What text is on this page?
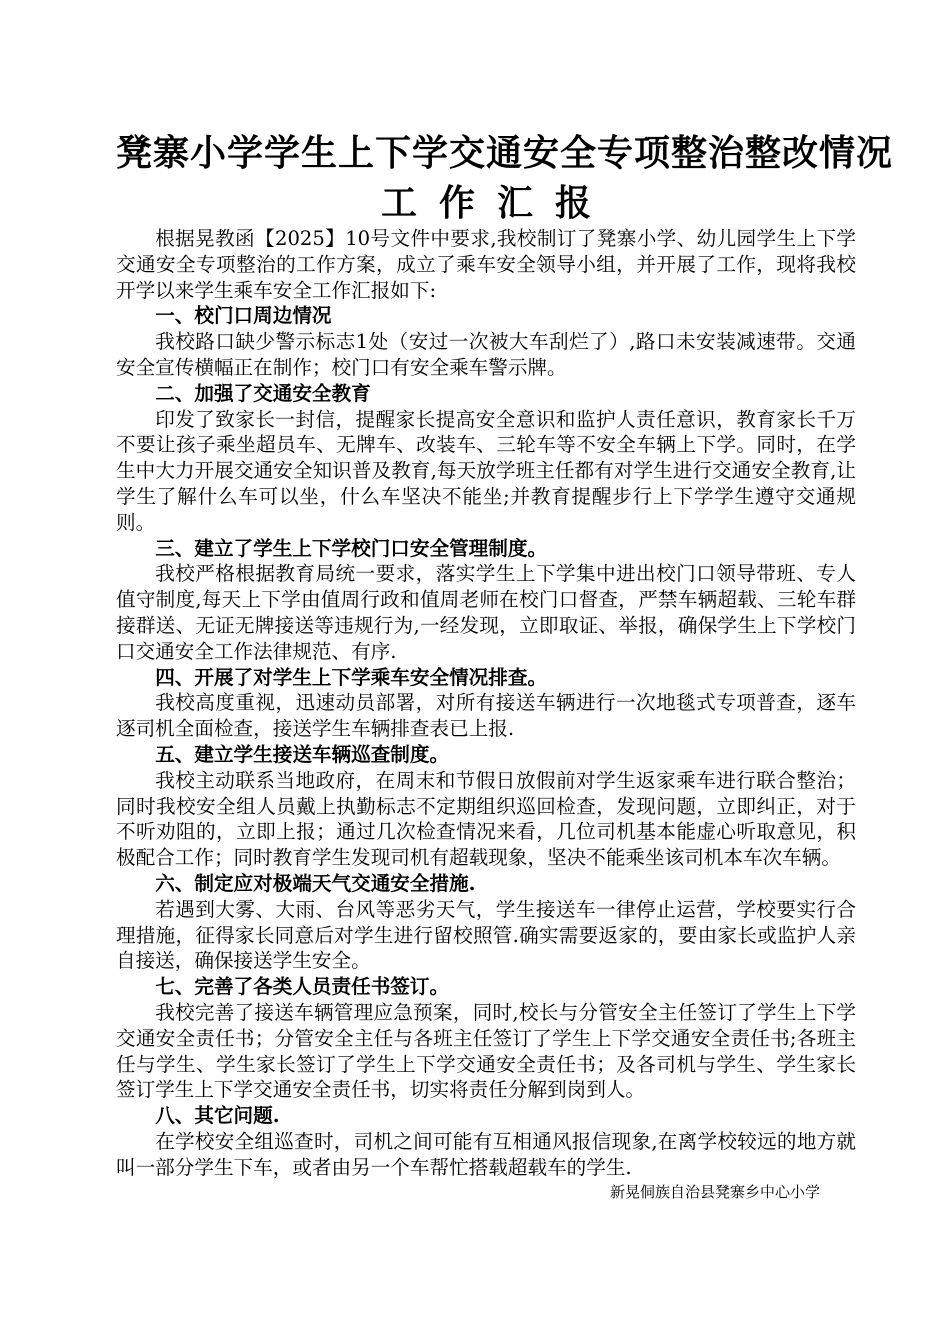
凳寨小学学生上下学交通安全专项整治整改情况
工作汇报

根据晃教函【2025】10号文件中要求,我校制订了凳寨小学、幼儿园学生上下学交通安全专项整治的工作方案，成立了乘车安全领导小组，并开展了工作，现将我校开学以来学生乘车安全工作汇报如下:

一、校门口周边情况

我校路口缺少警示标志1处（安过一次被大车刮烂了）,路口未安装减速带。交通安全宣传横幅正在制作；校门口有安全乘车警示牌。

二、加强了交通安全教育

印发了致家长一封信，提醒家长提高安全意识和监护人责任意识，教育家长千万不要让孩子乘坐超员车、无牌车、改装车、三轮车等不安全车辆上下学。同时，在学生中大力开展交通安全知识普及教育,每天放学班主任都有对学生进行交通安全教育,让学生了解什么车可以坐，什么车坚决不能坐;并教育提醒步行上下学学生遵守交通规则。

三、建立了学生上下学校门口安全管理制度。

我校严格根据教育局统一要求，落实学生上下学集中进出校门口领导带班、专人值守制度,每天上下学由值周行政和值周老师在校门口督查，严禁车辆超载、三轮车群接群送、无证无牌接送等违规行为,一经发现，立即取证、举报，确保学生上下学校门口交通安全工作法律规范、有序.

四、开展了对学生上下学乘车安全情况排查。

我校高度重视，迅速动员部署，对所有接送车辆进行一次地毯式专项普查，逐车逐司机全面检查，接送学生车辆排查表已上报.

五、建立学生接送车辆巡查制度。

我校主动联系当地政府，在周末和节假日放假前对学生返家乘车进行联合整治；同时我校安全组人员戴上执勤标志不定期组织巡回检查，发现问题，立即纠正，对于不听劝阻的，立即上报；通过几次检查情况来看，几位司机基本能虚心听取意见，积极配合工作；同时教育学生发现司机有超载现象，坚决不能乘坐该司机本车次车辆。

六、制定应对极端天气交通安全措施.

若遇到大雾、大雨、台风等恶劣天气，学生接送车一律停止运营，学校要实行合理措施，征得家长同意后对学生进行留校照管.确实需要返家的，要由家长或监护人亲自接送，确保接送学生安全。

七、完善了各类人员责任书签订。

我校完善了接送车辆管理应急预案，同时,校长与分管安全主任签订了学生上下学交通安全责任书；分管安全主任与各班主任签订了学生上下学交通安全责任书;各班主任与学生、学生家长签订了学生上下学交通安全责任书；及各司机与学生、学生家长签订学生上下学交通安全责任书，切实将责任分解到岗到人。

八、其它问题.

在学校安全组巡查时，司机之间可能有互相通风报信现象,在离学校较远的地方就叫一部分学生下车，或者由另一个车帮忙搭载超载车的学生.

新晃侗族自治县凳寨乡中心小学
